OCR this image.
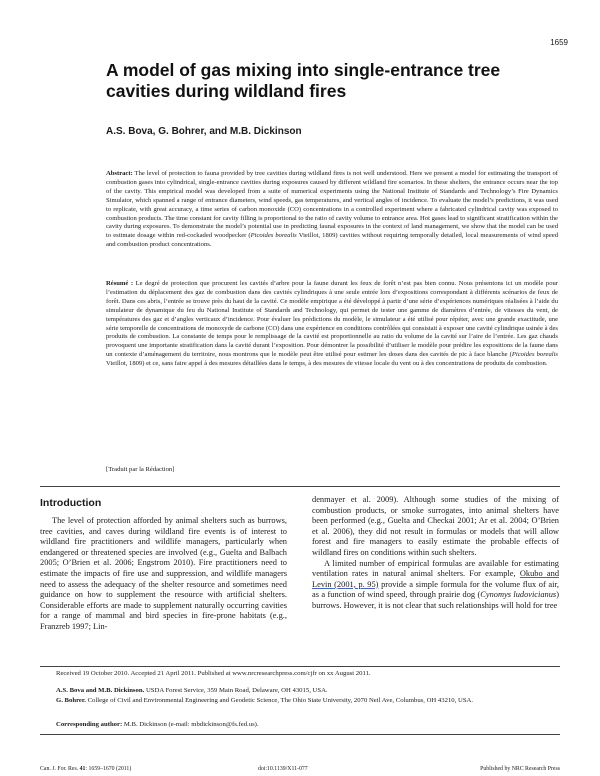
1659
A model of gas mixing into single-entrance tree cavities during wildland fires
A.S. Bova, G. Bohrer, and M.B. Dickinson
Abstract: The level of protection to fauna provided by tree cavities during wildland fires is not well understood. Here we present a model for estimating the transport of combustion gases into cylindrical, single-entrance cavities during exposures caused by different wildland fire scenarios. In these shelters, the entrance occurs near the top of the cavity. This empirical model was developed from a suite of numerical experiments using the National Institute of Standards and Technology’s Fire Dynamics Simulator, which spanned a range of entrance diameters, wind speeds, gas temperatures, and vertical angles of incidence. To evaluate the model’s predictions, it was used to replicate, with great accuracy, a time series of carbon monoxide (CO) concentrations in a controlled experiment where a fabricated cylindrical cavity was exposed to combustion products. The time constant for cavity filling is proportional to the ratio of cavity volume to entrance area. Hot gases lead to significant stratification within the cavity during exposures. To demonstrate the model’s potential use in predicting faunal exposures in the context of land management, we show that the model can be used to estimate dosage within red-cockaded woodpecker (Picoides borealis Vieillot, 1809) cavities without requiring temporally detailed, local measurements of wind speed and combustion product concentrations.
Résumé : Le degré de protection que procurent les cavités d’arbre pour la faune durant les feux de forêt n’est pas bien connu. Nous présentons ici un modèle pour l’estimation du déplacement des gaz de combustion dans des cavités cylindriques à une seule entrée lors d’expositions correspondant à différents scénarios de feux de forêt. Dans ces abris, l’entrée se trouve près du haut de la cavité. Ce modèle empirique a été développé à partir d’une série d’expériences numériques réalisées à l’aide du simulateur de dynamique du feu du National Institute of Standards and Technology, qui permet de tester une gamme de diamètres d’entrée, de vitesses du vent, de températures des gaz et d’angles verticaux d’incidence. Pour évaluer les prédictions du modèle, le simulateur a été utilisé pour répéter, avec une grande exactitude, une série temporelle de concentrations de monoxyde de carbone (CO) dans une expérience en conditions contrôlées qui consistait à exposer une cavité cylindrique usinée à des produits de combustion. La constante de temps pour le remplissage de la cavité est proportionnelle au ratio du volume de la cavité sur l’aire de l’entrée. Les gaz chauds provoquent une importante stratification dans la cavité durant l’exposition. Pour démontrer la possibilité d’utiliser le modèle pour prédire les expositions de la faune dans un contexte d’aménagement du territoire, nous montrons que le modèle peut être utilisé pour estimer les doses dans des cavités de pic à face blanche (Picoides borealis Vieillot, 1809) et ce, sans faire appel à des mesures détaillées dans le temps, à des mesures de vitesse locale du vent ou à des concentrations de produits de combustion.
[Traduit par la Rédaction]
Introduction

The level of protection afforded by animal shelters such as burrows, tree cavities, and caves during wildland fire events is of interest to wildland fire practitioners and wildlife managers, particularly when endangered or threatened species are involved (e.g., Guelta and Balbach 2005; O’Brien et al. 2006; Engstrom 2010). Fire practitioners need to estimate the impacts of fire use and suppression, and wildlife managers need to assess the adequacy of the shelter resource and sometimes need guidance on how to supplement the resource with artificial shelters. Considerable efforts are made to supplement naturally occurring cavities for a range of mammal and bird species in fire-prone habitats (e.g., Franzreb 1997; Lin-

denmayer et al. 2009). Although some studies of the mixing of combustion products, or smoke surrogates, into animal shelters have been performed (e.g., Guelta and Checkai 2001; Ar et al. 2004; O’Brien et al. 2006), they did not result in formulas or models that will allow forest and fire managers to easily estimate the probable effects of wildland fires on conditions within such shelters.

A limited number of empirical formulas are available for estimating ventilation rates in natural animal shelters. For example, Okubo and Levin (2001, p. 95) provide a simple formula for the volume flux of air, as a function of wind speed, through prairie dog (Cynomys ludovicianus) burrows. However, it is not clear that such relationships will hold for tree

Received 19 October 2010. Accepted 21 April 2011. Published at www.nrcresearchpress.com/cjfr on xx August 2011.
A.S. Bova and M.B. Dickinson. USDA Forest Service, 359 Main Road, Delaware, OH 43015, USA.
G. Bohrer. College of Civil and Environmental Engineering and Geodetic Science, The Ohio State University, 2070 Neil Ave, Columbus, OH 43210, USA.
Corresponding author: M.B. Dickinson (e-mail: mbdickinson@fs.fed.us).
Can. J. For. Res. 41: 1659–1670 (2011)	doi:10.1139/X11-077	Published by NRC Research Press
